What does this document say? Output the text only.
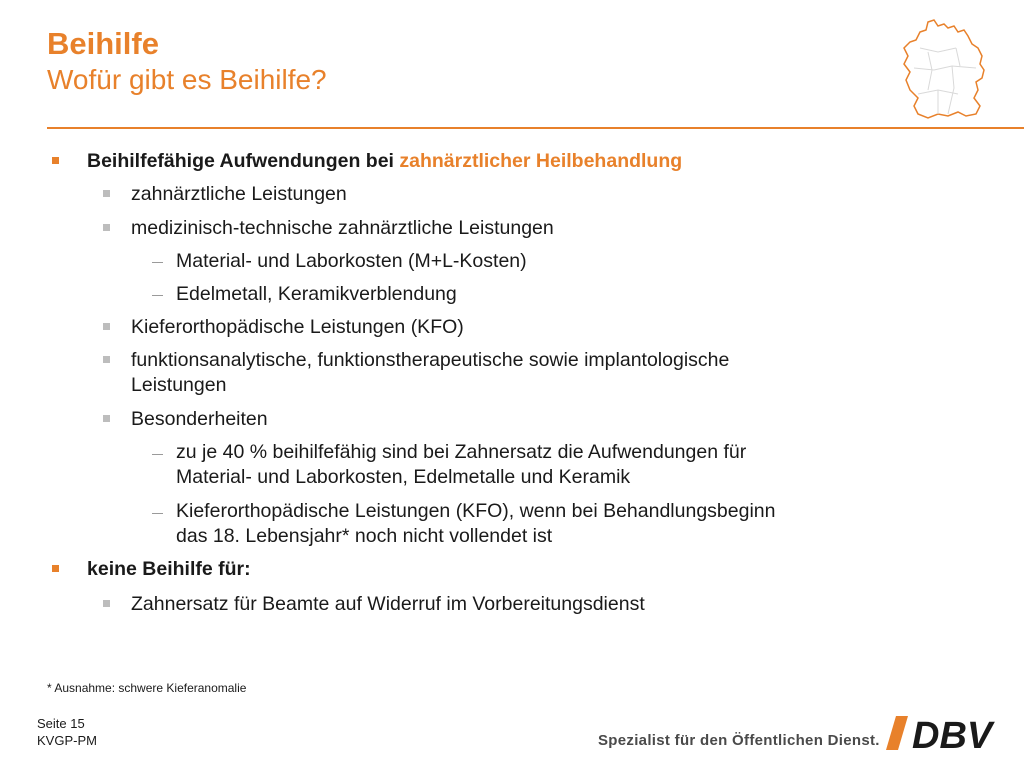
Beihilfe
Wofür gibt es Beihilfe?
Beihilfefähige Aufwendungen bei zahnärztlicher Heilbehandlung
zahnärztliche Leistungen
medizinisch-technische zahnärztliche Leistungen
Material- und Laborkosten (M+L-Kosten)
Edelmetall, Keramikverblendung
Kieferorthopädische Leistungen (KFO)
funktionsanalytische, funktionstherapeutische sowie implantologische
Leistungen
Besonderheiten
zu je 40 % beihilfefähig sind bei Zahnersatz die Aufwendungen für
Material- und Laborkosten, Edelmetalle und Keramik
Kieferorthopädische Leistungen (KFO), wenn bei Behandlungsbeginn
das 18. Lebensjahr* noch nicht vollendet ist
keine Beihilfe für:
Zahnersatz für Beamte auf Widerruf im Vorbereitungsdienst
* Ausnahme: schwere Kieferanomalie
Seite 15
KVGP-PM	Spezialist für den Öffentlichen Dienst. DBV
